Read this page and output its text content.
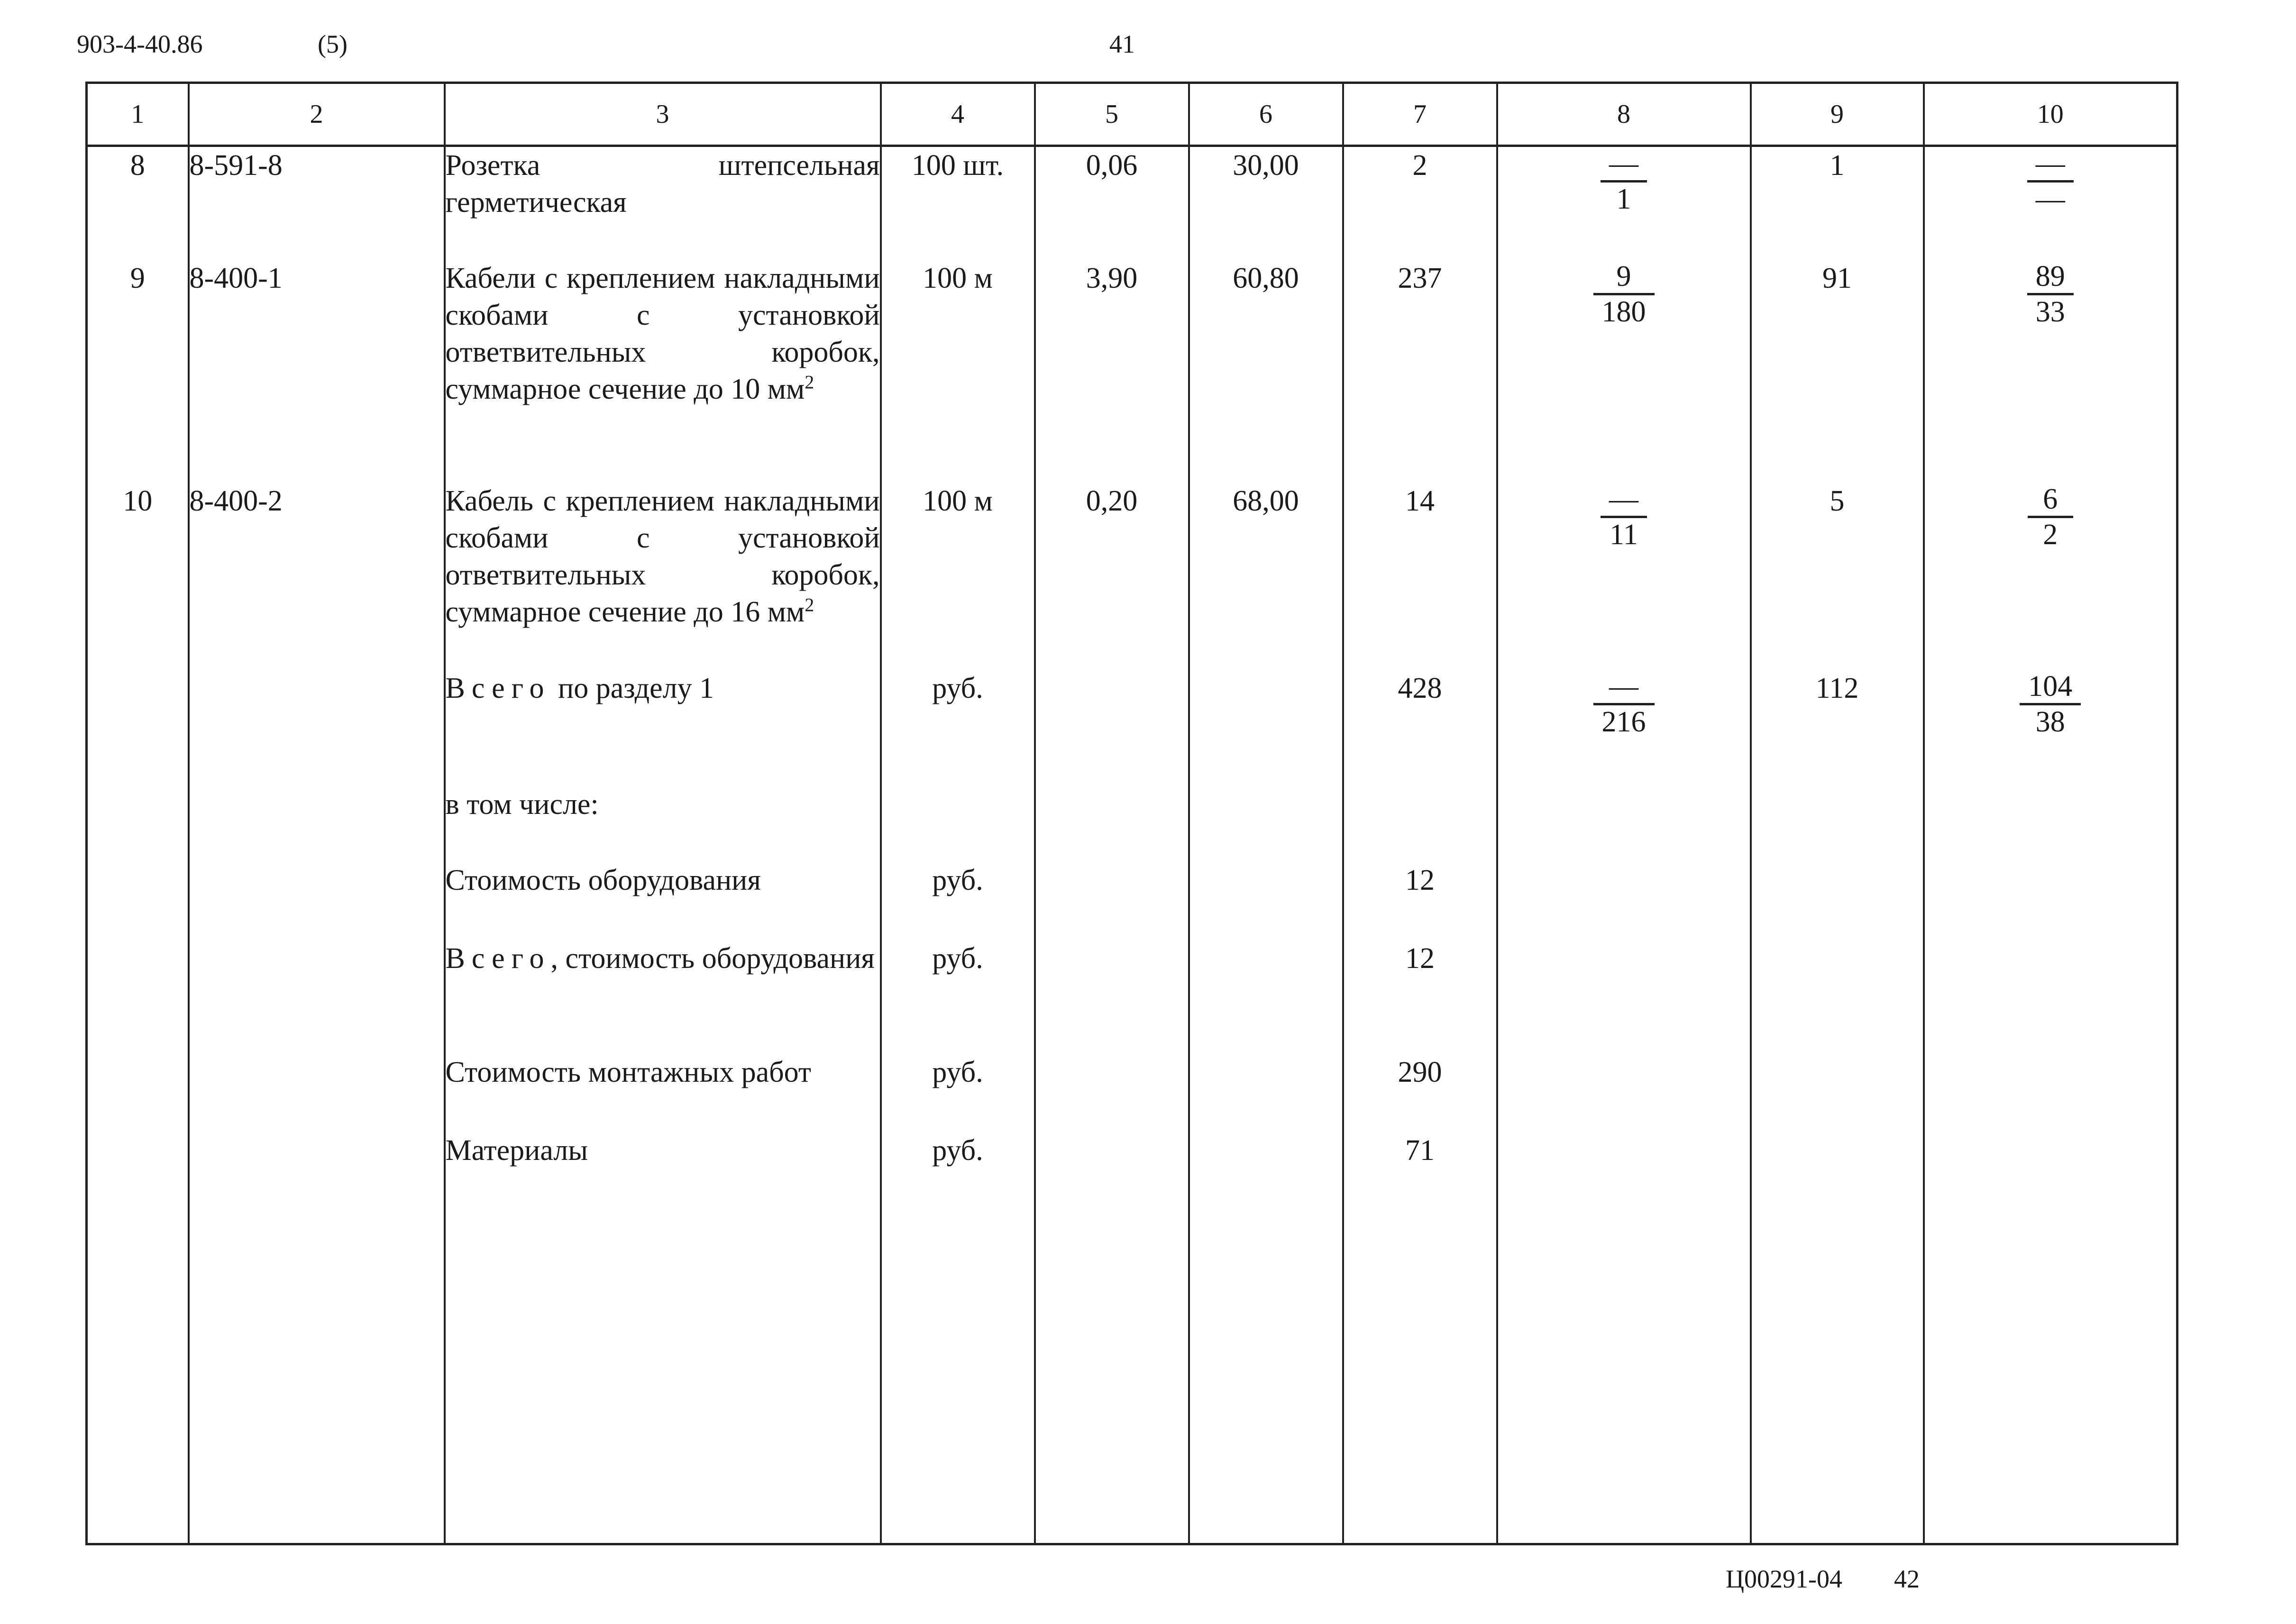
903-4-40.86	(5)	41
1	2	3	4	5	6	7	8	9	10
8	8-591-8	Розетка штепсельная герметическая	100 шт.	0,06	30,00	2	$\frac{—}{1}$	1	$\frac{—}{—}$

9	8-400-1	Кабели с креплением накладными скобами с установкой ответвительных коробок, суммарное сечение до 10 $мм^2$	100 м	3,90	60,80	237	$\frac{9}{180}$	91	$\frac{89}{33}$

10	8-400-2	Кабель с креплением накладными скобами с установкой ответвительных коробок, суммарное сечение до 16 $мм^2$	100 м	0,20	68,00	14	$\frac{—}{11}$	5	$\frac{6}{2}$

		Всего по разделу 1	руб.			428	$\frac{—}{216}$	112	$\frac{104}{38}$

		в том числе:							
		Стоимость оборудования	руб.			12			
		Всего, стоимость оборудования	руб.			12			
		Стоимость монтажных работ	руб.			290			
		Материалы	руб.			71			
Ц00291-04 42
